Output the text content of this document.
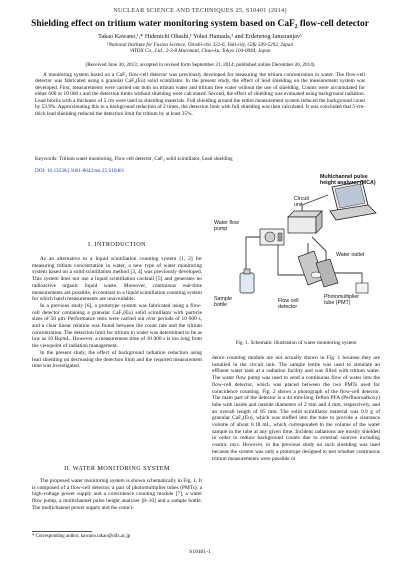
NUCLEAR SCIENCE AND TECHNIQUES 25, S10401 (2014)
Shielding effect on tritium water monitoring system based on CaF₂ flow-cell detector
Takao Kawano,¹,* Hidenichi Ohashi,¹ Yohei Hamada,² and Erdenetog Jamsranjav¹
¹National Institute for Fusion Science, Oroshi-cho 322-6, Toki-city, Gifu 509-5292, Japan
²ATOX Co., Ltd., 2-3-8 Muromati, Chuo-ku, Tokyo 104-0044, Japan
(Received June 30, 2013; accepted in revised form September 21, 2014; published online December 20, 2014)

A monitoring system based on a CaF₂ flow-cell detector was previously developed for measuring the tritium concentration in water. The flow-cell detector was fabricated using a granular CaF₂(Eu) solid scintillator. In the present study, the effect of lead shielding on the measurement system was developed. First, measurements were carried out both on tritium water and tritium free water without the use of shielding. Counts were accumulated for either 600 or 10 000 s and the detection limits without shielding were calculated. Second, the effect of shielding was evaluated using background radiation. Lead blocks with a thickness of 5 cm were used as shielding materials. Full shielding around the entire measurement system reduced the background count by 53.9%. Approximating this to a background reduction of 2 times, the detection limit with full shielding was then calculated. It was concluded that 5-cm-thick lead shielding reduced the detection limit for tritium by at least 35%.

Keywords: Tritium water monitoring, Flow cell detector, CaF₂ solid scintillator, Lead shielding
DOI: 10.13538/j.1001-8042/nst.25.S10401
I. INTRODUCTION

As an alternative to a liquid scintillation counting system [1, 2] for measuring tritium concentration in water, a new type of water monitoring system based on a solid scintillation method [3, 4] was previously developed. This system does not use a liquid scintillation cocktail [5] and generates no radioactive organic liquid waste. Moreover, continuous real-time measurements are possible, in contrast to a liquid scintillation counting system for which batch measurements are unavoidable.

In a previous study [6], a prototype system was fabricated using a flow-cell detector containing a granular CaF₂(Eu) solid scintillator with particle sizes of 50 μm. Performance tests were carried out over periods of 10 000 s, and a clear linear relation was found between the count rate and the tritium concentration. The detection limit for tritium in water was determined to be as low as 10 Bq/mL. However, a measurement time of 10 000 s is too long from the viewpoint of radiation management.

In the present study, the effect of background radiation reduction using lead shielding on decreasing the detection limit and the required measurement time was investigated.

II. WATER MONITORING SYSTEM

The proposed water monitoring system is shown schematically in Fig. 1. It is composed of a flow-cell detector, a pair of photomultiplier tubes (PMTs), a high-voltage power supply and a coincidence counting module [7], a water flow pump, a multichannel pulse height analyzer [8–10] and a sample bottle. The multichannel power supply and the coinci-

Multichannel pulse
height analyzer (MCA)
Circuit
unit
Water flow
pump
Water outlet
Sample
bottle
Flow cell
detector
Photomultiplier
tube (PMT)
Fig. 1. Schematic illustration of water monitoring system

dence counting module are not actually shown in Fig. 1 because they are installed in the circuit unit. The sample bottle was used to simulate an effluent water tank at a radiation facility and was filled with tritium water. The water flow pump was used to send a continuous flow of water into the flow-cell detector, which was placed between the two PMTs used for coincidence counting. Fig. 2 shows a photograph of the flow-cell detector. The main part of the detector is a 44-mm-long Teflon PFA (Perfluoroalkoxy) tube with inside and outside diameters of 2 mm and 4 mm, respectively, and an overall length of 85 mm. The solid scintillator material was 0.9 g of granular CaF₂(Eu), which was stuffed into the tube to provide a clearance volume of about 0.18 mL, which corresponded to the volume of the water sample in the tube at any given time. Incident radiations are mostly shielded in order to reduce background counts due to external sources including cosmic rays. However, in the previous study no such shielding was used because the system was only a prototype designed to test whether continuous tritium measurements were possible or

* Corresponding author, kawano.takao@nifs.ac.jp
S10401-1
